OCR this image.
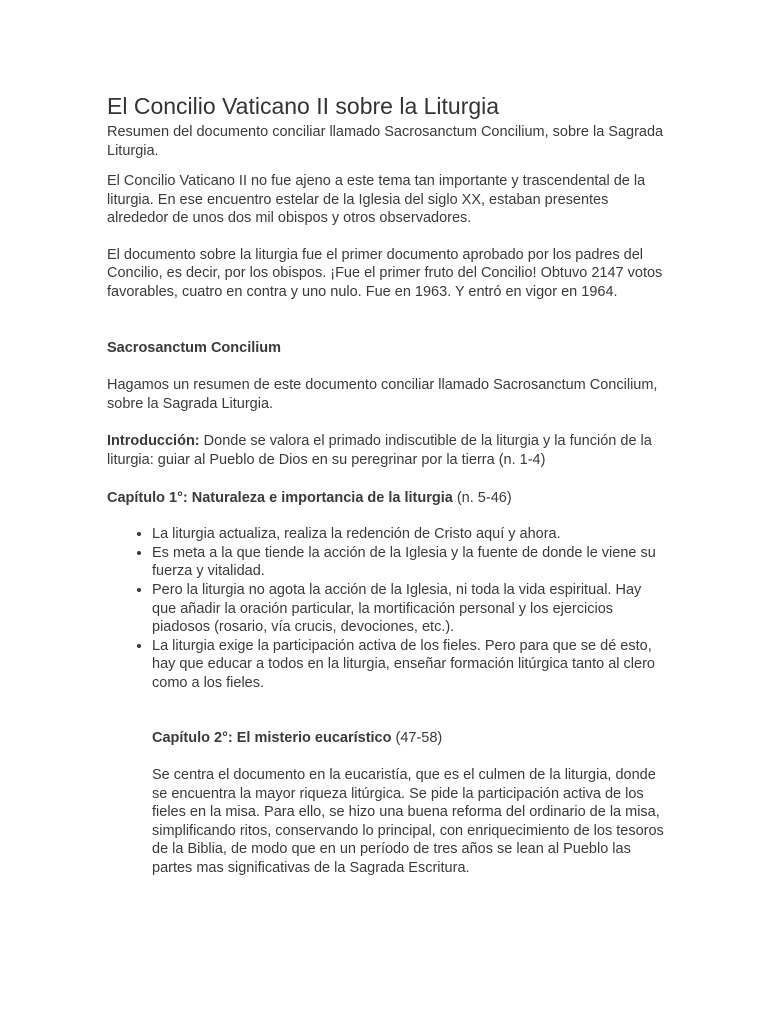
El Concilio Vaticano II sobre la Liturgia

Resumen del documento conciliar llamado Sacrosanctum Concilium, sobre la Sagrada Liturgia.

El Concilio Vaticano II no fue ajeno a este tema tan importante y trascendental de la liturgia. En ese encuentro estelar de la Iglesia del siglo XX, estaban presentes alrededor de unos dos mil obispos y otros observadores.

El documento sobre la liturgia fue el primer documento aprobado por los padres del Concilio, es decir, por los obispos. ¡Fue el primer fruto del Concilio! Obtuvo 2147 votos favorables, cuatro en contra y uno nulo. Fue en 1963. Y entró en vigor en 1964.

Sacrosanctum Concilium

Hagamos un resumen de este documento conciliar llamado Sacrosanctum Concilium, sobre la Sagrada Liturgia.

Introducción: Donde se valora el primado indiscutible de la liturgia y la función de la liturgia: guiar al Pueblo de Dios en su peregrinar por la tierra (n. 1-4)

Capítulo 1°: Naturaleza e importancia de la liturgia (n. 5-46)

• La liturgia actualiza, realiza la redención de Cristo aquí y ahora.
• Es meta a la que tiende la acción de la Iglesia y la fuente de donde le viene su fuerza y vitalidad.
• Pero la liturgia no agota la acción de la Iglesia, ni toda la vida espiritual. Hay que añadir la oración particular, la mortificación personal y los ejercicios piadosos (rosario, vía crucis, devociones, etc.).
• La liturgia exige la participación activa de los fieles. Pero para que se dé esto, hay que educar a todos en la liturgia, enseñar formación litúrgica tanto al clero como a los fieles.

Capítulo 2°: El misterio eucarístico (47-58)

Se centra el documento en la eucaristía, que es el culmen de la liturgia, donde se encuentra la mayor riqueza litúrgica. Se pide la participación activa de los fieles en la misa. Para ello, se hizo una buena reforma del ordinario de la misa, simplificando ritos, conservando lo principal, con enriquecimiento de los tesoros de la Biblia, de modo que en un período de tres años se lean al Pueblo las partes mas significativas de la Sagrada Escritura.
